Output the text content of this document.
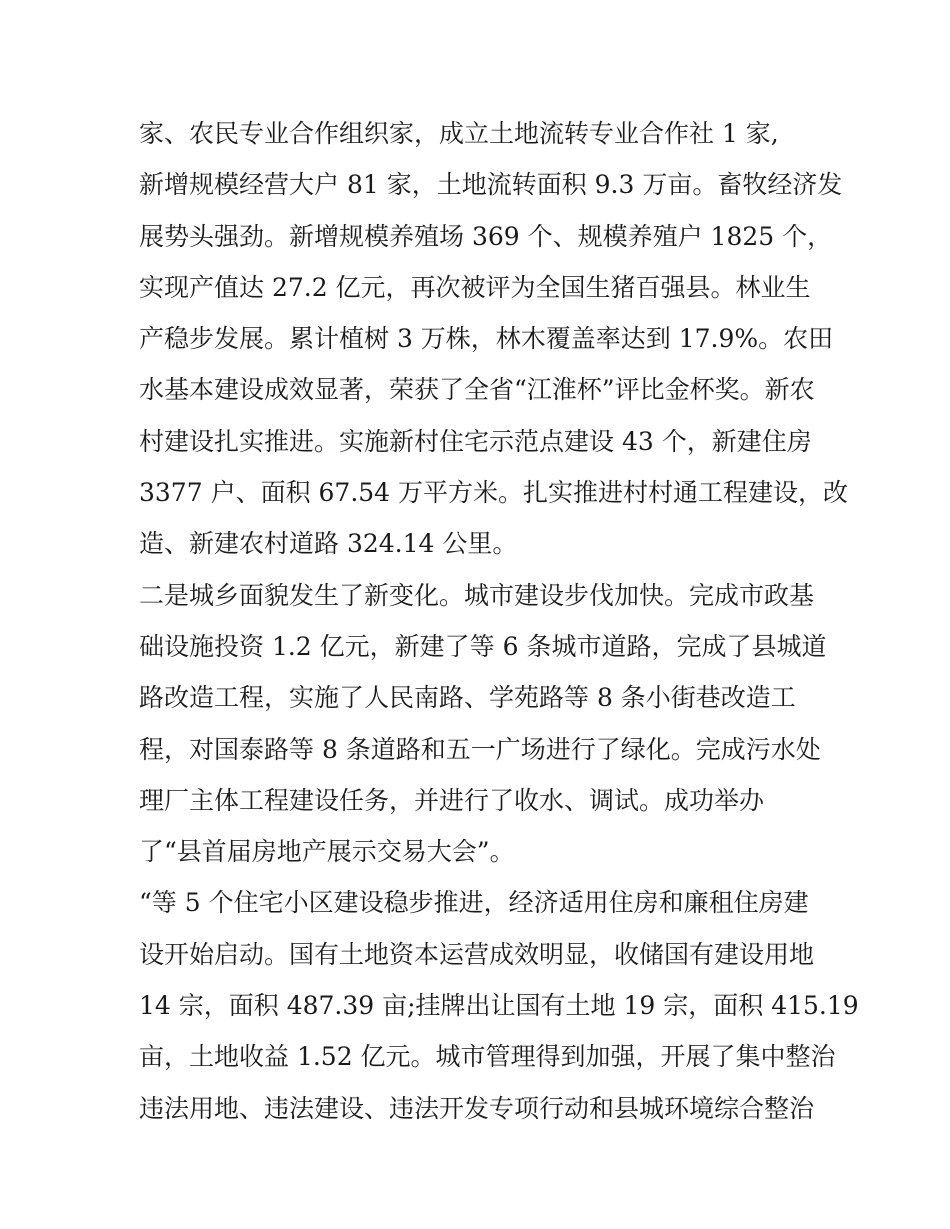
家、农民专业合作组织家，成立土地流转专业合作社 1 家,
新增规模经营大户 81 家，土地流转面积 9.3 万亩。畜牧经济发
展势头强劲。新增规模养殖场 369 个、规模养殖户 1825 个，
实现产值达 27.2 亿元，再次被评为全国生猪百强县。林业生
产稳步发展。累计植树 3 万株，林木覆盖率达到 17.9%。农田
水基本建设成效显著，荣获了全省“江淮杯”评比金杯奖。新农
村建设扎实推进。实施新村住宅示范点建设 43 个，新建住房
3377 户、面积 67.54 万平方米。扎实推进村村通工程建设，改
造、新建农村道路 324.14 公里。
二是城乡面貌发生了新变化。城市建设步伐加快。完成市政基
础设施投资 1.2 亿元，新建了等 6 条城市道路，完成了县城道
路改造工程，实施了人民南路、学苑路等 8 条小街巷改造工
程，对国泰路等 8 条道路和五一广场进行了绿化。完成污水处
理厂主体工程建设任务，并进行了收水、调试。成功举办
了“县首届房地产展示交易大会”。
“等 5 个住宅小区建设稳步推进，经济适用住房和廉租住房建
设开始启动。国有土地资本运营成效明显，收储国有建设用地
14 宗，面积 487.39 亩;挂牌出让国有土地 19 宗，面积 415.19
亩，土地收益 1.52 亿元。城市管理得到加强，开展了集中整治
违法用地、违法建设、违法开发专项行动和县城环境综合整治
